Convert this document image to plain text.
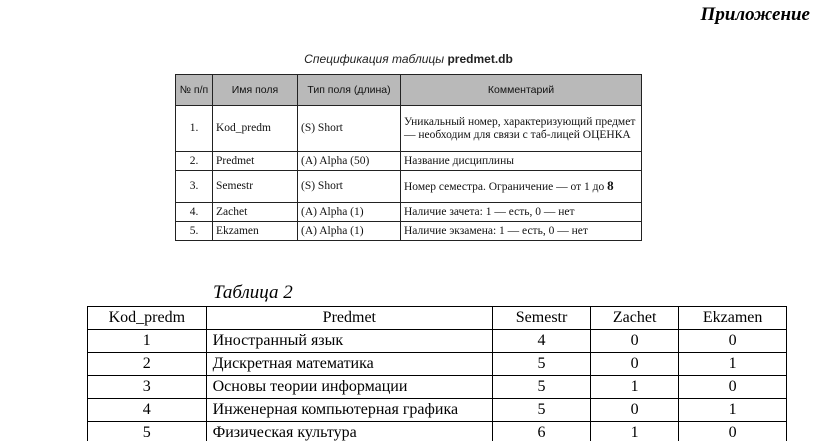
Приложение
Спецификация таблицы predmet.db
№ п/п	Имя поля	Тип поля (длина)	Комментарий
1.	Kod_predm	(S) Short	Уникальный номер, характеризующий предмет — необходим для связи с таб-лицей ОЦЕНКА
2.	Predmet	(A) Alpha (50)	Название дисциплины
3.	Semestr	(S) Short	Номер семестра. Ограничение — от 1 до 8
4.	Zachet	(A) Alpha (1)	Наличие зачета: 1 — есть, 0 — нет
5.	Ekzamen	(A) Alpha (1)	Наличие экзамена: 1 — есть, 0 — нет
Таблица 2
Kod_predm	Predmet	Semestr	Zachet	Ekzamen
1	Иностранный язык	4	0	0
2	Дискретная математика	5	0	1
3	Основы теории информации	5	1	0
4	Инженерная компьютерная графика	5	0	1
5	Физическая культура	6	1	0
